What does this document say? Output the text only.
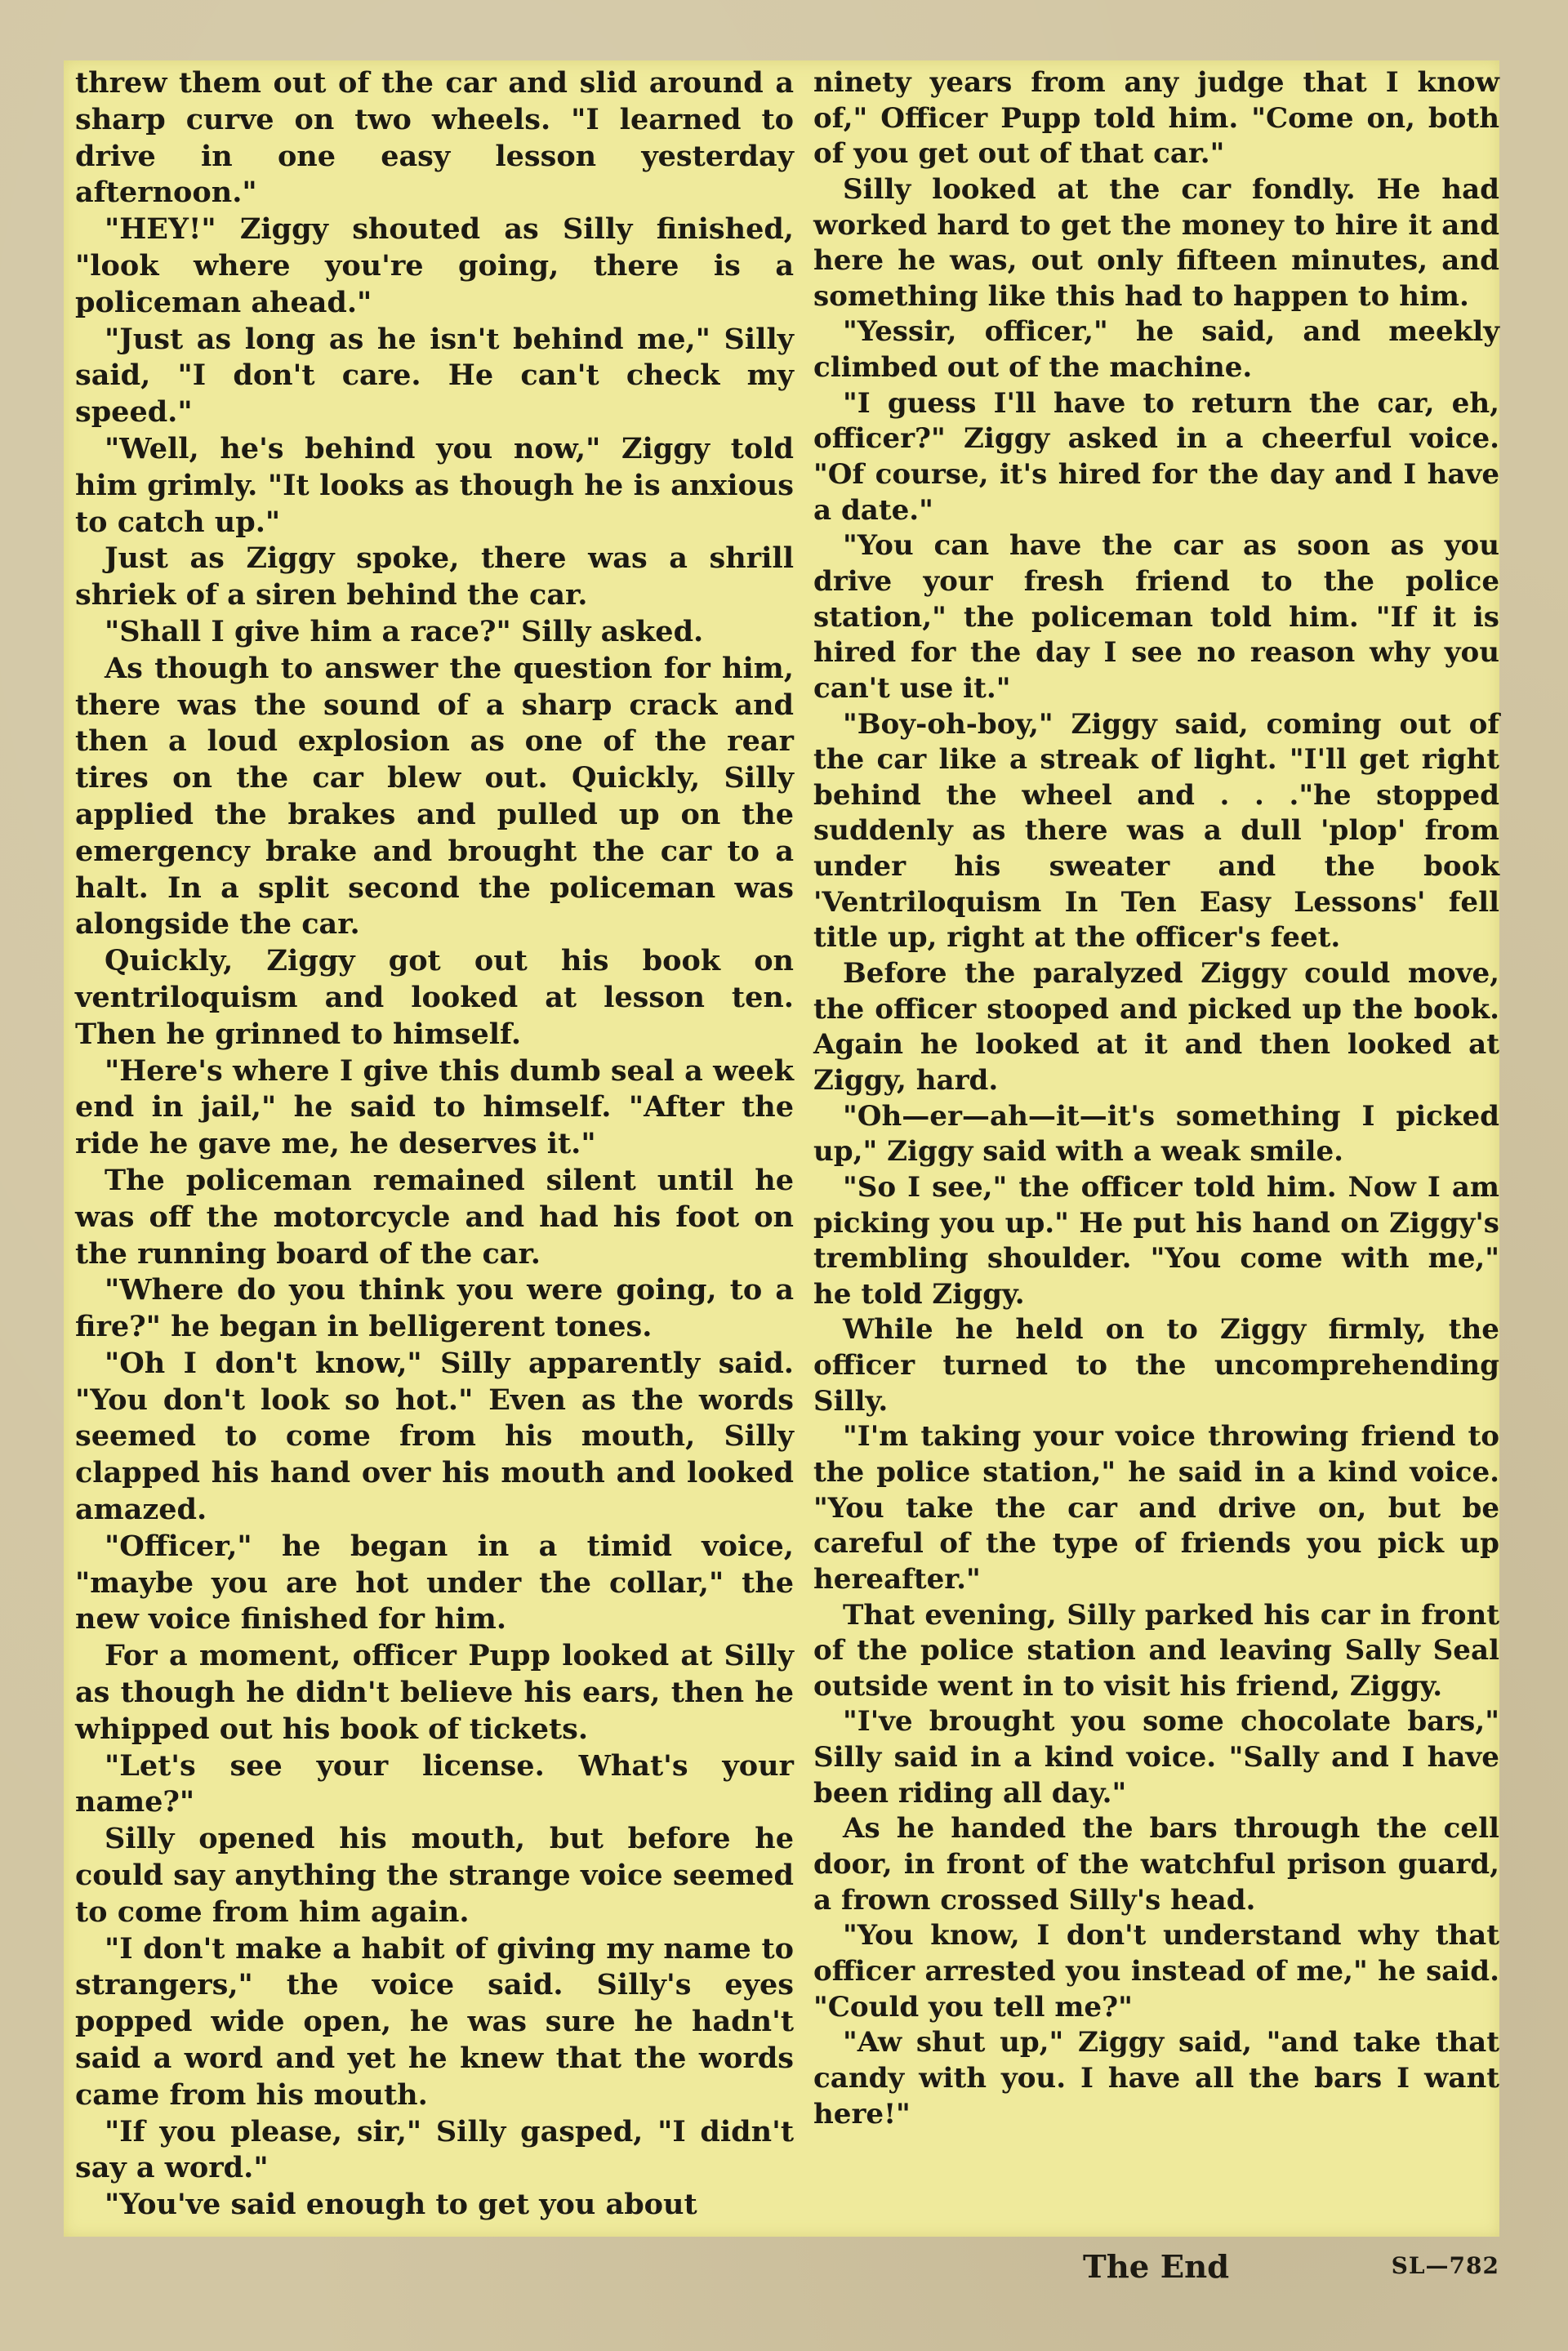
threw them out of the car and slid around a sharp curve on two wheels. "I learned to drive in one easy lesson yesterday afternoon."

"HEY!" Ziggy shouted as Silly finished, "look where you're going, there is a policeman ahead."

"Just as long as he isn't behind me," Silly said, "I don't care. He can't check my speed."

"Well, he's behind you now," Ziggy told him grimly. "It looks as though he is anxious to catch up."

Just as Ziggy spoke, there was a shrill shriek of a siren behind the car.

"Shall I give him a race?" Silly asked.

As though to answer the question for him, there was the sound of a sharp crack and then a loud explosion as one of the rear tires on the car blew out. Quickly, Silly applied the brakes and pulled up on the emergency brake and brought the car to a halt. In a split second the policeman was alongside the car.

Quickly, Ziggy got out his book on ventriloquism and looked at lesson ten. Then he grinned to himself.

"Here's where I give this dumb seal a week end in jail," he said to himself. "After the ride he gave me, he deserves it."

The policeman remained silent until he was off the motorcycle and had his foot on the running board of the car.

"Where do you think you were going, to a fire?" he began in belligerent tones.

"Oh I don't know," Silly apparently said. "You don't look so hot." Even as the words seemed to come from his mouth, Silly clapped his hand over his mouth and looked amazed.

"Officer," he began in a timid voice, "maybe you are hot under the collar," the new voice finished for him.

For a moment, officer Pupp looked at Silly as though he didn't believe his ears, then he whipped out his book of tickets.

"Let's see your license. What's your name?"

Silly opened his mouth, but before he could say anything the strange voice seemed to come from him again.

"I don't make a habit of giving my name to strangers," the voice said. Silly's eyes popped wide open, he was sure he hadn't said a word and yet he knew that the words came from his mouth.

"If you please, sir," Silly gasped, "I didn't say a word."

"You've said enough to get you about

ninety years from any judge that I know of," Officer Pupp told him. "Come on, both of you get out of that car."

Silly looked at the car fondly. He had worked hard to get the money to hire it and here he was, out only fifteen minutes, and something like this had to happen to him.

"Yessir, officer," he said, and meekly climbed out of the machine.

"I guess I'll have to return the car, eh, officer?" Ziggy asked in a cheerful voice. "Of course, it's hired for the day and I have a date."

"You can have the car as soon as you drive your fresh friend to the police station," the policeman told him. "If it is hired for the day I see no reason why you can't use it."

"Boy-oh-boy," Ziggy said, coming out of the car like a streak of light. "I'll get right behind the wheel and . . ."he stopped suddenly as there was a dull 'plop' from under his sweater and the book 'Ventriloquism In Ten Easy Lessons' fell title up, right at the officer's feet.

Before the paralyzed Ziggy could move, the officer stooped and picked up the book. Again he looked at it and then looked at Ziggy, hard.

"Oh—er—ah—it—it's something I picked up," Ziggy said with a weak smile.

"So I see," the officer told him. Now I am picking you up." He put his hand on Ziggy's trembling shoulder. "You come with me," he told Ziggy.

While he held on to Ziggy firmly, the officer turned to the uncomprehending Silly.

"I'm taking your voice throwing friend to the police station," he said in a kind voice. "You take the car and drive on, but be careful of the type of friends you pick up hereafter."

That evening, Silly parked his car in front of the police station and leaving Sally Seal outside went in to visit his friend, Ziggy.

"I've brought you some chocolate bars," Silly said in a kind voice. "Sally and I have been riding all day."

As he handed the bars through the cell door, in front of the watchful prison guard, a frown crossed Silly's head.

"You know, I don't understand why that officer arrested you instead of me," he said. "Could you tell me?"

"Aw shut up," Ziggy said, "and take that candy with you. I have all the bars I want here!"

The End	SL—782
